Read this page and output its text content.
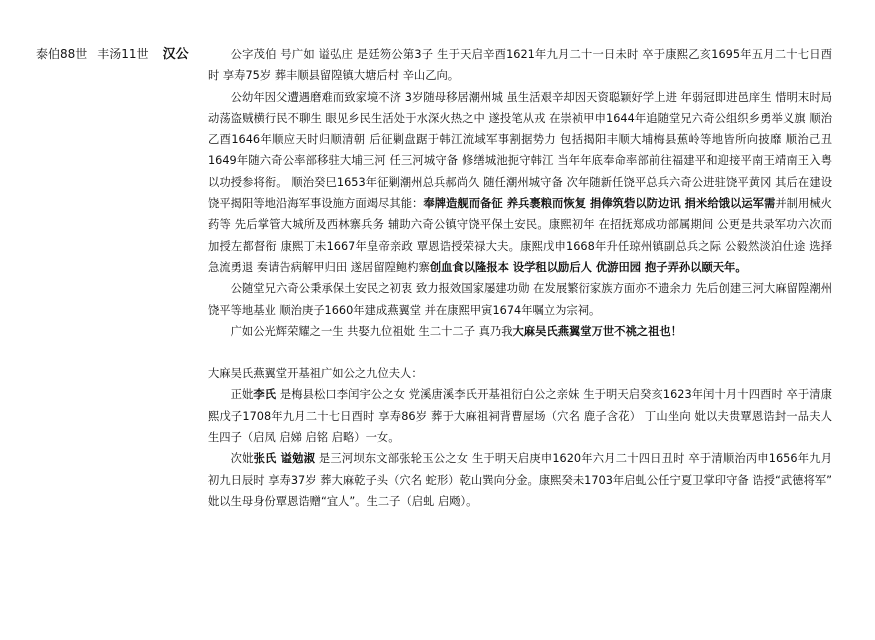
泰伯88世 丰汤11世 汉公	公字茂伯 号广如 谥弘庄 是廷笏公第3子 生于天启辛酉1621年九月二十一日未时 卒于康熙乙亥1695年五月二十七日酉时 享寿75岁 葬丰顺县留隍镇大塘后村 辛山乙向。

公幼年因父遭遇磨难而致家境不济 3岁随母移居潮州城 虽生活艰辛却因天资聪颖好学上进 年弱冠即进邑庠生 惜明末时局动荡盗贼横行民不聊生 眼见乡民生活处于水深火热之中 遂投笔从戎 在崇祯甲申1644年追随堂兄六奇公组织乡勇举义旗 顺治乙酉1646年顺应天时归顺清朝 后征剿盘踞于韩江流域军事割据势力 包括揭阳丰顺大埔梅县蕉岭等地皆所向披靡 顺治己丑1649年随六奇公率部移驻大埔三河 任三河城守备 修缮城池扼守韩江 当年年底奉命率部前往福建平和迎接平南王靖南王入粤 以功授参将衔。 顺治癸巳1653年征剿潮州总兵郝尚久 随任潮州城守备 次年随新任饶平总兵六奇公进驻饶平黄冈 其后在建设饶平揭阳等地沿海军事设施方面竭尽其能：奉牌造舰而备征 养兵裹粮而恢复 捐俸筑砦以防边讯 捐米给饿以运军需并制用械火药等 先后掌管大城所及西林寨兵务 辅助六奇公镇守饶平保土安民。康熙初年 在招抚郑成功部属期间 公更是共录军功六次而加授左都督衔 康熙丁未1667年皇帝亲政 覃恩诰授荣禄大夫。康熙戊申1668年升任琼州镇副总兵之际 公毅然淡泊仕途 选择急流勇退 奏请告病解甲归田 遂居留隍鲍杓寨创血食以隆报本 设学租以励后人 优游田园 抱子弄孙以颐天年。

公随堂兄六奇公秉承保土安民之初衷 致力报效国家屡建功勋 在发展繁衍家族方面亦不遗余力 先后创建三河大麻留隍潮州饶平等地基业 顺治庚子1660年建成燕翼堂 并在康熙甲寅1674年嘱立为宗祠。

广如公光辉荣耀之一生 共娶九位祖妣 生二十二子 真乃我大麻吴氏燕翼堂万世不祧之祖也！

大麻吴氏燕翼堂开基祖广如公之九位夫人：

正妣李氏 是梅县松口李闰宇公之女 党溪唐溪李氏开基祖衍白公之亲妹 生于明天启癸亥1623年闰十月十四酉时 卒于清康熙戊子1708年九月二十七日酉时 享寿86岁 葬于大麻祖祠背曹屋场（穴名 鹿子含花） 丁山坐向 妣以夫贵覃恩诰封一品夫人 生四子（启凤 启娣 启铭 启略）一女。

次妣张氏 谥勉淑 是三河坝东文部张轮玉公之女 生于明天启庚申1620年六月二十四日丑时 卒于清顺治丙申1656年九月初九日辰时 享寿37岁 葬大麻乾子头（穴名 蛇形）乾山巽向分金。康熙癸未1703年启虬公任宁夏卫掌印守备 诰授“武德将军” 妣以生母身份覃恩诰赠“宜人”。生二子（启虬 启飏）。
